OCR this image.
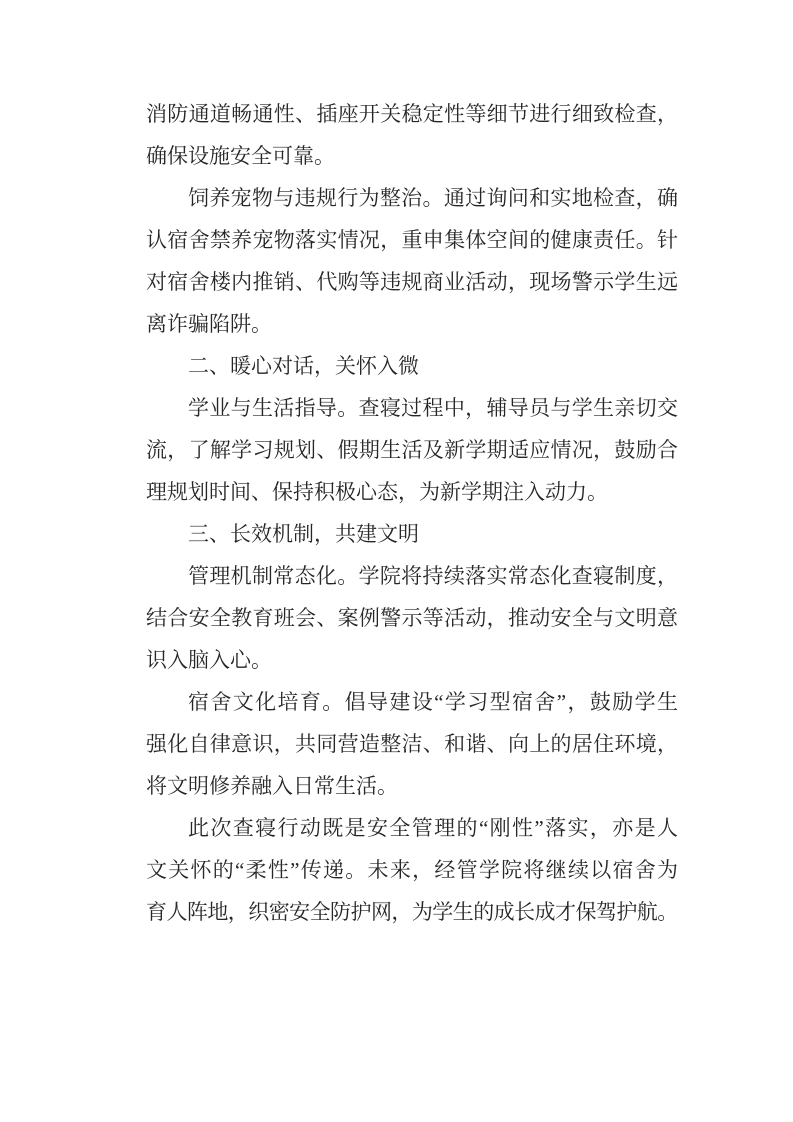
消防通道畅通性、插座开关稳定性等细节进行细致检查，
确保设施安全可靠。
饲养宠物与违规行为整治。通过询问和实地检查，确
认宿舍禁养宠物落实情况，重申集体空间的健康责任。针
对宿舍楼内推销、代购等违规商业活动，现场警示学生远
离诈骗陷阱。
二、暖心对话，关怀入微
学业与生活指导。查寝过程中，辅导员与学生亲切交
流，了解学习规划、假期生活及新学期适应情况，鼓励合
理规划时间、保持积极心态，为新学期注入动力。
三、长效机制，共建文明
管理机制常态化。学院将持续落实常态化查寝制度，
结合安全教育班会、案例警示等活动，推动安全与文明意
识入脑入心。
宿舍文化培育。倡导建设“学习型宿舍”，鼓励学生
强化自律意识，共同营造整洁、和谐、向上的居住环境，
将文明修养融入日常生活。
此次查寝行动既是安全管理的“刚性”落实，亦是人
文关怀的“柔性”传递。未来，经管学院将继续以宿舍为
育人阵地，织密安全防护网，为学生的成长成才保驾护航。
